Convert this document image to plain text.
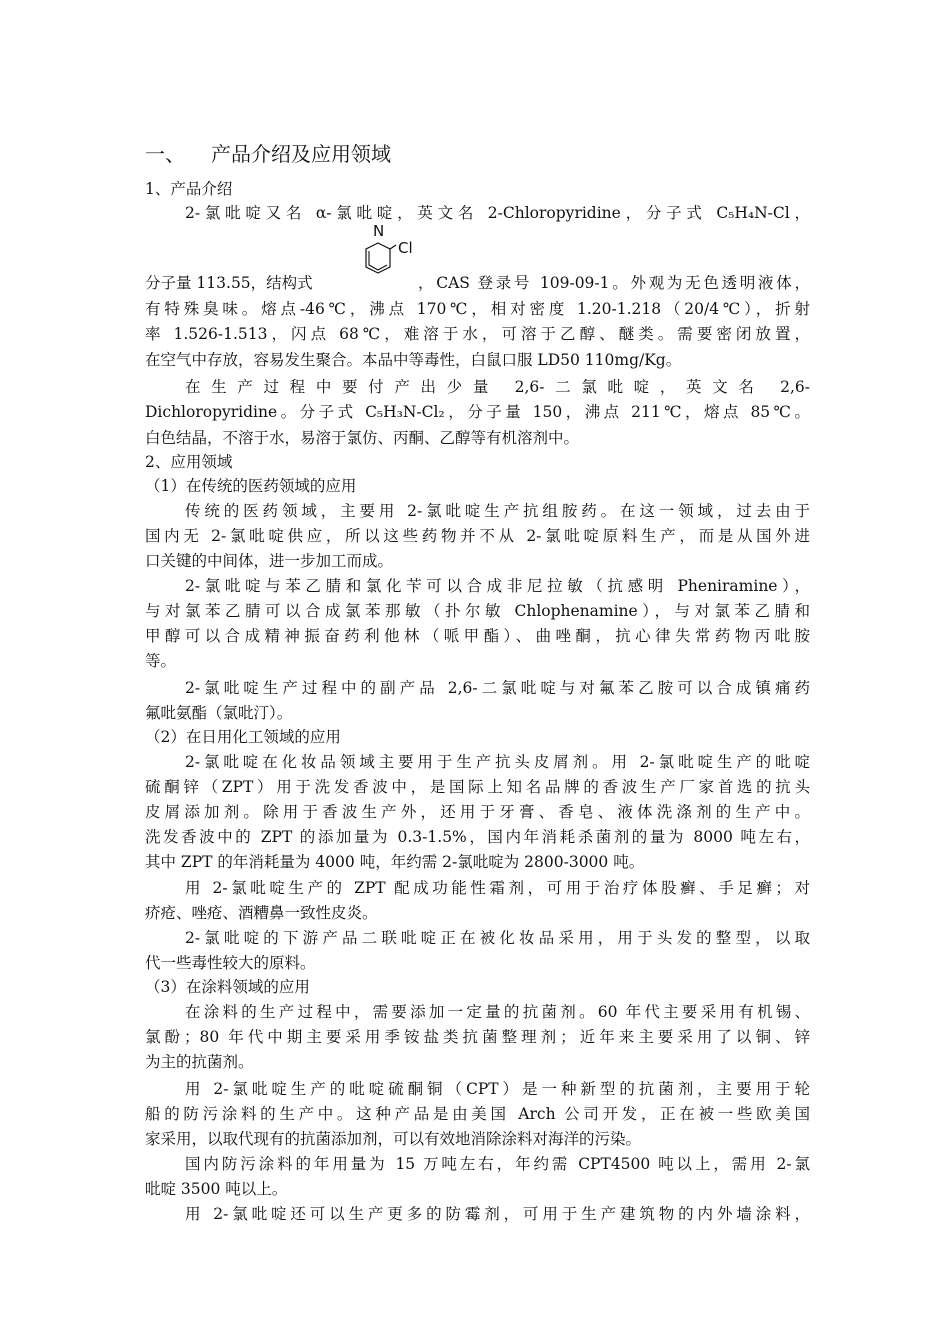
一、 产品介绍及应用领域
1、产品介绍
2-氯吡啶又名 α-氯吡啶，英文名 2-Chloropyridine，分子式 C₅H₄N-Cl，
N
Cl
分子量 113.55，结构式	，CAS 登录号 109-09-1。外观为无色透明液体，
有特殊臭味。熔点-46℃，沸点 170℃，相对密度 1.20-1.218（20/4℃），折射
率 1.526-1.513，闪点 68℃，难溶于水，可溶于乙醇、醚类。需要密闭放置，
在空气中存放，容易发生聚合。本品中等毒性，白鼠口服 LD50 110mg/Kg。
在生产过程中要付产出少量 2,6-二氯吡啶，英文名 2,6-
Dichloropyridine。分子式 C₅H₃N-Cl₂，分子量 150，沸点 211℃，熔点 85℃。
白色结晶，不溶于水，易溶于氯仿、丙酮、乙醇等有机溶剂中。
2、应用领域
（1）在传统的医药领域的应用
传统的医药领域，主要用 2-氯吡啶生产抗组胺药。在这一领域，过去由于
国内无 2-氯吡啶供应，所以这些药物并不从 2-氯吡啶原料生产，而是从国外进
口关键的中间体，进一步加工而成。
2-氯吡啶与苯乙腈和氯化苄可以合成非尼拉敏（抗感明 Pheniramine），
与对氯苯乙腈可以合成氯苯那敏（扑尔敏 Chlophenamine），与对氯苯乙腈和
甲醇可以合成精神振奋药利他林（哌甲酯）、曲唑酮，抗心律失常药物丙吡胺
等。
2-氯吡啶生产过程中的副产品 2,6-二氯吡啶与对氟苯乙胺可以合成镇痛药
氟吡氨酯（氯吡汀）。
（2）在日用化工领域的应用
2-氯吡啶在化妆品领域主要用于生产抗头皮屑剂。用 2-氯吡啶生产的吡啶
硫酮锌（ZPT）用于洗发香波中，是国际上知名品牌的香波生产厂家首选的抗头
皮屑添加剂。除用于香波生产外，还用于牙膏、香皂、液体洗涤剂的生产中。
洗发香波中的 ZPT 的添加量为 0.3-1.5%，国内年消耗杀菌剂的量为 8000 吨左右，
其中 ZPT 的年消耗量为 4000 吨，年约需 2-氯吡啶为 2800-3000 吨。
用 2-氯吡啶生产的 ZPT 配成功能性霜剂，可用于治疗体股癣、手足癣；对
疥疮、唑疮、酒糟鼻一致性皮炎。
2-氯吡啶的下游产品二联吡啶正在被化妆品采用，用于头发的整型，以取
代一些毒性较大的原料。
（3）在涂料领域的应用
在涂料的生产过程中，需要添加一定量的抗菌剂。60 年代主要采用有机锡、
氯酚；80 年代中期主要采用季铵盐类抗菌整理剂；近年来主要采用了以铜、锌
为主的抗菌剂。
用 2-氯吡啶生产的吡啶硫酮铜（CPT）是一种新型的抗菌剂，主要用于轮
船的防污涂料的生产中。这种产品是由美国 Arch 公司开发，正在被一些欧美国
家采用，以取代现有的抗菌添加剂，可以有效地消除涂料对海洋的污染。
国内防污涂料的年用量为 15 万吨左右，年约需 CPT4500 吨以上，需用 2-氯
吡啶 3500 吨以上。
用 2-氯吡啶还可以生产更多的防霉剂，可用于生产建筑物的内外墙涂料，
